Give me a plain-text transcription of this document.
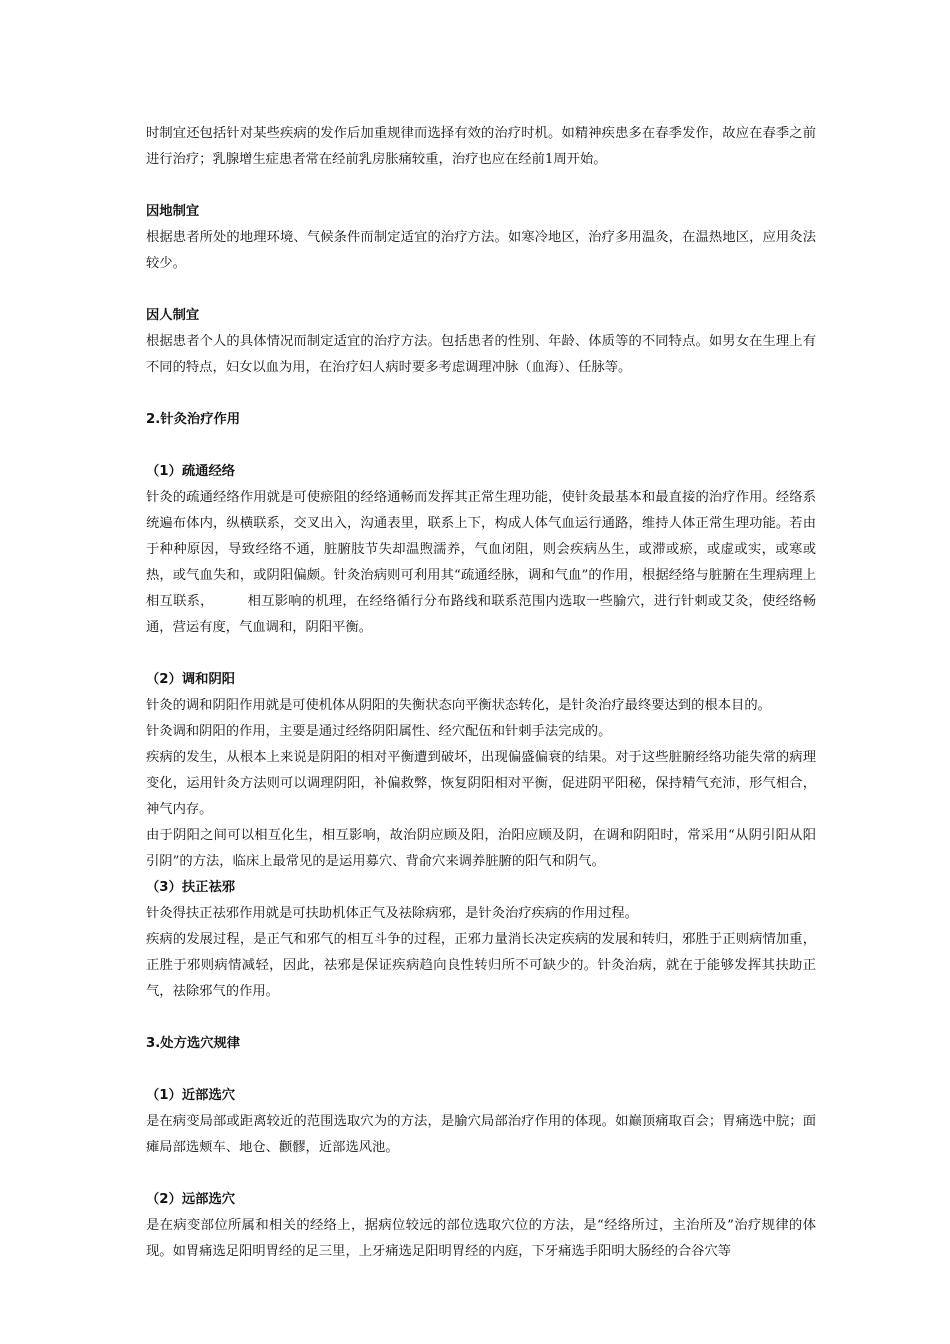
时制宜还包括针对某些疾病的发作后加重规律而选择有效的治疗时机。如精神疾患多在春季发作，故应在春季之前进行治疗；乳腺增生症患者常在经前乳房胀痛较重，治疗也应在经前1周开始。

因地制宜

根据患者所处的地理环境、气候条件而制定适宜的治疗方法。如寒冷地区，治疗多用温灸，在温热地区，应用灸法较少。

因人制宜

根据患者个人的具体情况而制定适宜的治疗方法。包括患者的性别、年龄、体质等的不同特点。如男女在生理上有不同的特点，妇女以血为用，在治疗妇人病时要多考虑调理冲脉（血海）、任脉等。

2.针灸治疗作用

（1）疏通经络

针灸的疏通经络作用就是可使瘀阻的经络通畅而发挥其正常生理功能，使针灸最基本和最直接的治疗作用。经络系统遍布体内，纵横联系，交叉出入，沟通表里，联系上下，构成人体气血运行通路，维持人体正常生理功能。若由于种种原因，导致经络不通，脏腑肢节失却温煦濡养，气血闭阻，则会疾病丛生，或滞或瘀，或虚或实，或寒或热，或气血失和，或阴阳偏颇。针灸治病则可利用其“疏通经脉，调和气血”的作用，根据经络与脏腑在生理病理上相互联系，　　　相互影响的机理，在经络循行分布路线和联系范围内选取一些腧穴，进行针刺或艾灸，使经络畅通，营运有度，气血调和，阴阳平衡。

（2）调和阴阳

针灸的调和阴阳作用就是可使机体从阴阳的失衡状态向平衡状态转化，是针灸治疗最终要达到的根本目的。

针灸调和阴阳的作用，主要是通过经络阴阳属性、经穴配伍和针刺手法完成的。

疾病的发生，从根本上来说是阴阳的相对平衡遭到破坏，出现偏盛偏衰的结果。对于这些脏腑经络功能失常的病理变化，运用针灸方法则可以调理阴阳，补偏救弊，恢复阴阳相对平衡，促进阴平阳秘，保持精气充沛，形气相合，神气内存。

由于阴阳之间可以相互化生，相互影响，故治阴应顾及阳，治阳应顾及阴，在调和阴阳时，常采用“从阴引阳从阳引阴”的方法，临床上最常见的是运用募穴、背俞穴来调养脏腑的阳气和阴气。

（3）扶正祛邪

针灸得扶正祛邪作用就是可扶助机体正气及祛除病邪，是针灸治疗疾病的作用过程。

疾病的发展过程，是正气和邪气的相互斗争的过程，正邪力量消长决定疾病的发展和转归，邪胜于正则病情加重，正胜于邪则病情减轻，因此，祛邪是保证疾病趋向良性转归所不可缺少的。针灸治病，就在于能够发挥其扶助正气，祛除邪气的作用。

3.处方选穴规律

（1）近部选穴

是在病变局部或距离较近的范围选取穴为的方法，是腧穴局部治疗作用的体现。如巅顶痛取百会；胃痛选中脘；面瘫局部选颊车、地仓、颧髎，近部选风池。

（2）远部选穴

是在病变部位所属和相关的经络上，据病位较远的部位选取穴位的方法，是“经络所过，主治所及”治疗规律的体现。如胃痛选足阳明胃经的足三里，上牙痛选足阳明胃经的内庭，下牙痛选手阳明大肠经的合谷穴等
